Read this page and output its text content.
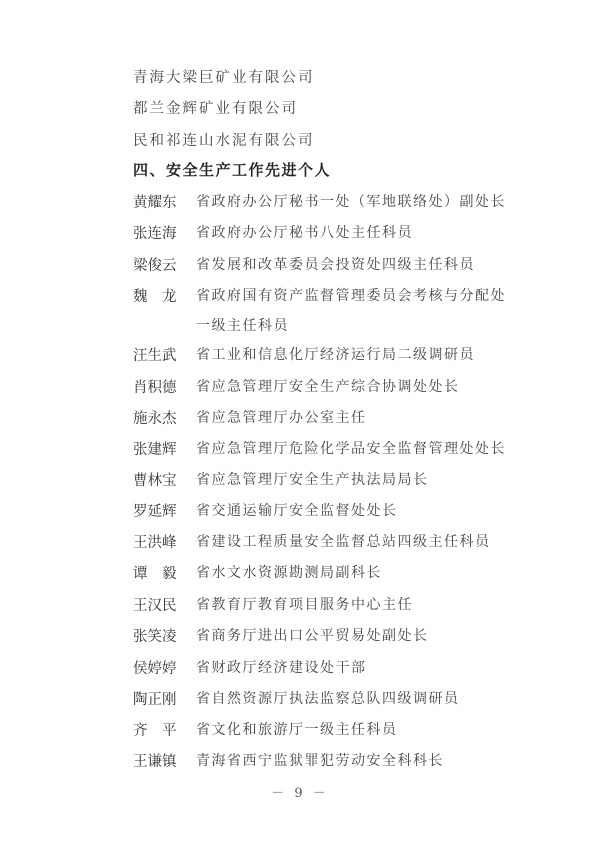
青海大梁巨矿业有限公司
都兰金辉矿业有限公司
民和祁连山水泥有限公司
四、安全生产工作先进个人
黄耀东	省政府办公厅秘书一处（军地联络处）副处长
张连海	省政府办公厅秘书八处主任科员
梁俊云	省发展和改革委员会投资处四级主任科员
魏　龙	省政府国有资产监督管理委员会考核与分配处
一级主任科员
汪生武	省工业和信息化厅经济运行局二级调研员
肖积德	省应急管理厅安全生产综合协调处处长
施永杰	省应急管理厅办公室主任
张建辉	省应急管理厅危险化学品安全监督管理处处长
曹林宝	省应急管理厅安全生产执法局局长
罗延辉	省交通运输厅安全监督处处长
王洪峰	省建设工程质量安全监督总站四级主任科员
谭　毅	省水文水资源勘测局副科长
王汉民	省教育厅教育项目服务中心主任
张笑凌	省商务厅进出口公平贸易处副处长
侯婷婷	省财政厅经济建设处干部
陶正刚	省自然资源厅执法监察总队四级调研员
齐　平	省文化和旅游厅一级主任科员
王谦镇	青海省西宁监狱罪犯劳动安全科科长
－ 9 －
